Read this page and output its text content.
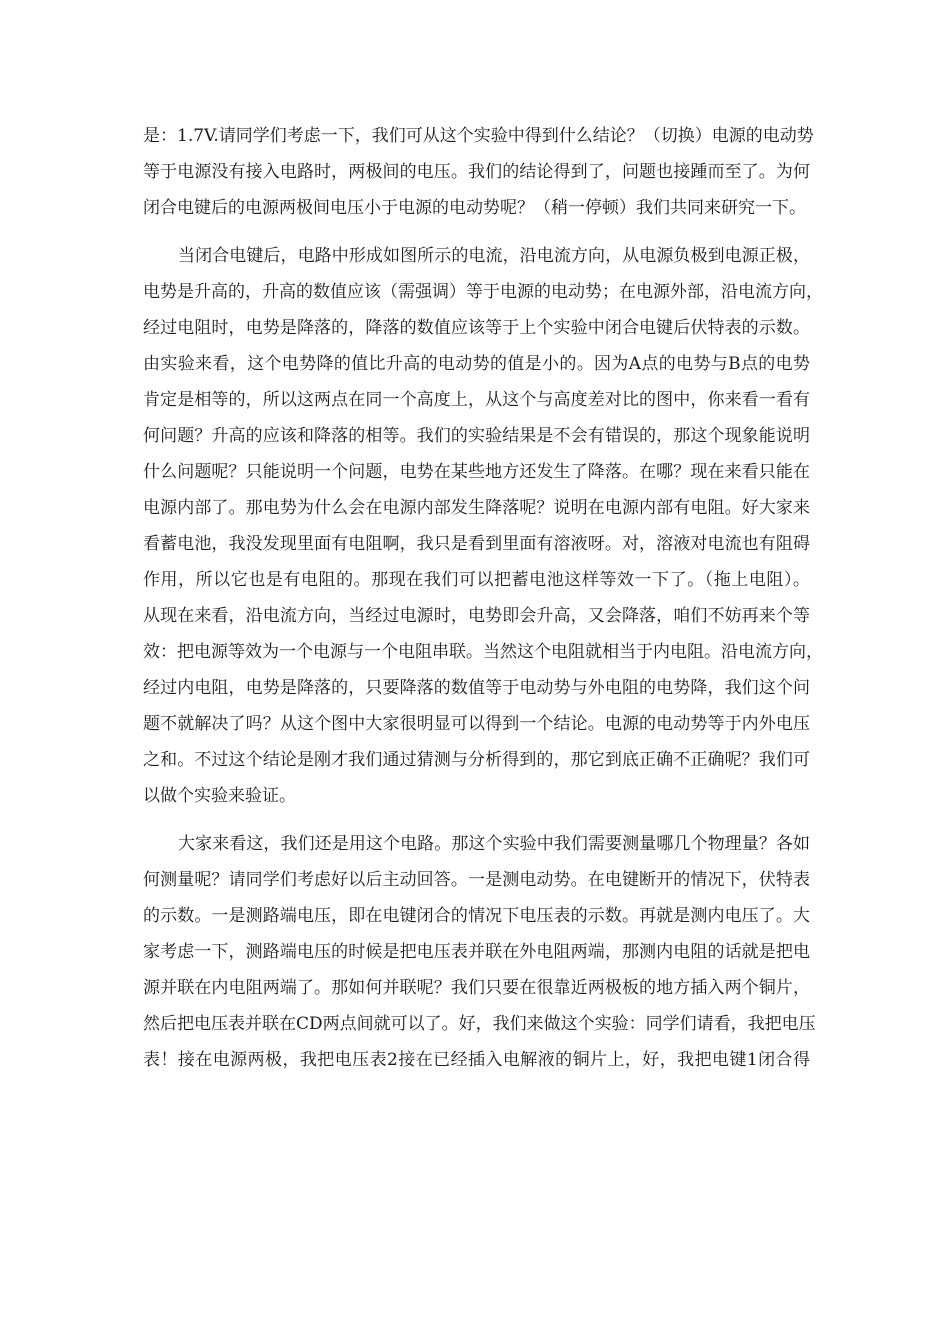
是：1.7V.请同学们考虑一下，我们可从这个实验中得到什么结论？（切换）电源的电动势
等于电源没有接入电路时，两极间的电压。我们的结论得到了，问题也接踵而至了。为何
闭合电键后的电源两极间电压小于电源的电动势呢？（稍一停顿）我们共同来研究一下。
当闭合电键后，电路中形成如图所示的电流，沿电流方向，从电源负极到电源正极，
电势是升高的，升高的数值应该（需强调）等于电源的电动势；在电源外部，沿电流方向，
经过电阻时，电势是降落的，降落的数值应该等于上个实验中闭合电键后伏特表的示数。
由实验来看，这个电势降的值比升高的电动势的值是小的。因为A点的电势与B点的电势
肯定是相等的，所以这两点在同一个高度上，从这个与高度差对比的图中，你来看一看有
何问题？升高的应该和降落的相等。我们的实验结果是不会有错误的，那这个现象能说明
什么问题呢？只能说明一个问题，电势在某些地方还发生了降落。在哪？现在来看只能在
电源内部了。那电势为什么会在电源内部发生降落呢？说明在电源内部有电阻。好大家来
看蓄电池，我没发现里面有电阻啊，我只是看到里面有溶液呀。对，溶液对电流也有阻碍
作用，所以它也是有电阻的。那现在我们可以把蓄电池这样等效一下了。（拖上电阻）。
从现在来看，沿电流方向，当经过电源时，电势即会升高，又会降落，咱们不妨再来个等
效：把电源等效为一个电源与一个电阻串联。当然这个电阻就相当于内电阻。沿电流方向，
经过内电阻，电势是降落的，只要降落的数值等于电动势与外电阻的电势降，我们这个问
题不就解决了吗？从这个图中大家很明显可以得到一个结论。电源的电动势等于内外电压
之和。不过这个结论是刚才我们通过猜测与分析得到的，那它到底正确不正确呢？我们可
以做个实验来验证。
大家来看这，我们还是用这个电路。那这个实验中我们需要测量哪几个物理量？各如
何测量呢？请同学们考虑好以后主动回答。一是测电动势。在电键断开的情况下，伏特表
的示数。一是测路端电压，即在电键闭合的情况下电压表的示数。再就是测内电压了。大
家考虑一下，测路端电压的时候是把电压表并联在外电阻两端，那测内电阻的话就是把电
源并联在内电阻两端了。那如何并联呢？我们只要在很靠近两极板的地方插入两个铜片，
然后把电压表并联在CD两点间就可以了。好，我们来做这个实验：同学们请看，我把电压
表！接在电源两极，我把电压表2接在已经插入电解液的铜片上，好，我把电键1闭合得
